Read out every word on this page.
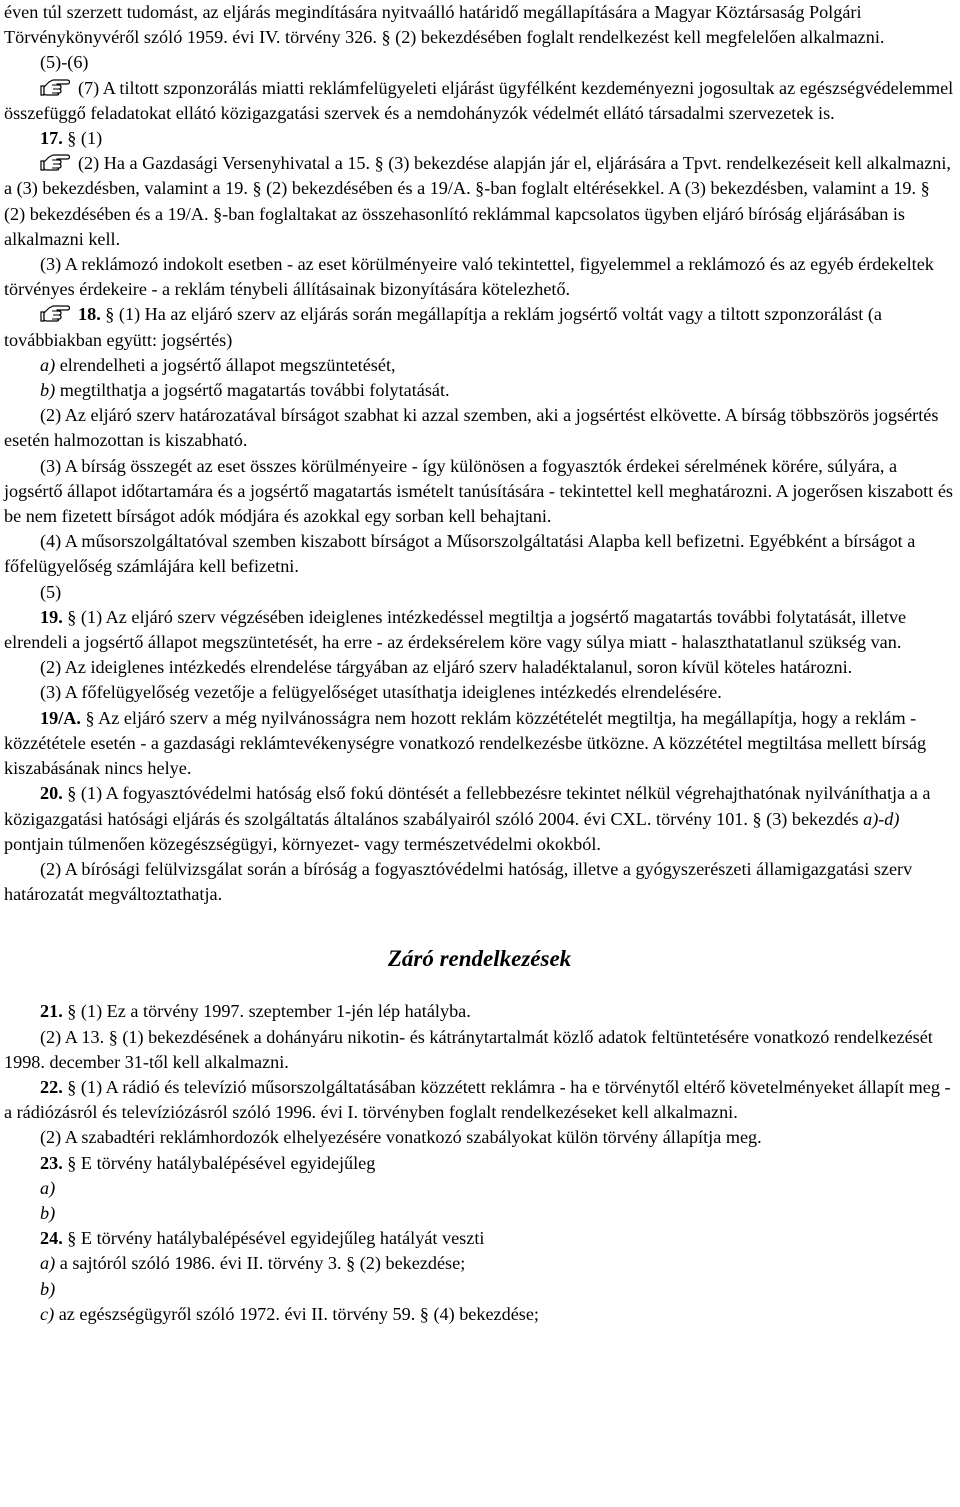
éven túl szerzett tudomást, az eljárás megindítására nyitvaálló határidő megállapítására a Magyar Köztársaság Polgári Törvénykönyvéről szóló 1959. évi IV. törvény 326. § (2) bekezdésében foglalt rendelkezést kell megfelelően alkalmazni.

(5)-(6)

(7) A tiltott szponzorálás miatti reklámfelügyeleti eljárást ügyfélként kezdeményezni jogosultak az egészségvédelemmel összefüggő feladatokat ellátó közigazgatási szervek és a nemdohányzók védelmét ellátó társadalmi szervezetek is.

17. § (1)

(2) Ha a Gazdasági Versenyhivatal a 15. § (3) bekezdése alapján jár el, eljárására a Tpvt. rendelkezéseit kell alkalmazni, a (3) bekezdésben, valamint a 19. § (2) bekezdésében és a 19/A. §-ban foglalt eltérésekkel. A (3) bekezdésben, valamint a 19. § (2) bekezdésében és a 19/A. §-ban foglaltakat az összehasonlító reklámmal kapcsolatos ügyben eljáró bíróság eljárásában is alkalmazni kell.

(3) A reklámozó indokolt esetben - az eset körülményeire való tekintettel, figyelemmel a reklámozó és az egyéb érdekeltek törvényes érdekeire - a reklám ténybeli állításainak bizonyítására kötelezhető.

18. § (1) Ha az eljáró szerv az eljárás során megállapítja a reklám jogsértő voltát vagy a tiltott szponzorálást (a továbbiakban együtt: jogsértés)

a) elrendelheti a jogsértő állapot megszüntetését,

b) megtilthatja a jogsértő magatartás további folytatását.

(2) Az eljáró szerv határozatával bírságot szabhat ki azzal szemben, aki a jogsértést elkövette. A bírság többszörös jogsértés esetén halmozottan is kiszabható.

(3) A bírság összegét az eset összes körülményeire - így különösen a fogyasztók érdekei sérelmének körére, súlyára, a jogsértő állapot időtartamára és a jogsértő magatartás ismételt tanúsítására - tekintettel kell meghatározni. A jogerősen kiszabott és be nem fizetett bírságot adók módjára és azokkal egy sorban kell behajtani.

(4) A műsorszolgáltatóval szemben kiszabott bírságot a Műsorszolgáltatási Alapba kell befizetni. Egyébként a bírságot a főfelügyelőség számlájára kell befizetni.

(5)

19. § (1) Az eljáró szerv végzésében ideiglenes intézkedéssel megtiltja a jogsértő magatartás további folytatását, illetve elrendeli a jogsértő állapot megszüntetését, ha erre - az érdeksérelem köre vagy súlya miatt - halaszthatatlanul szükség van.

(2) Az ideiglenes intézkedés elrendelése tárgyában az eljáró szerv haladéktalanul, soron kívül köteles határozni.

(3) A főfelügyelőség vezetője a felügyelőséget utasíthatja ideiglenes intézkedés elrendelésére.

19/A. § Az eljáró szerv a még nyilvánosságra nem hozott reklám közzétételét megtiltja, ha megállapítja, hogy a reklám - közzététele esetén - a gazdasági reklámtevékenységre vonatkozó rendelkezésbe ütközne. A közzététel megtiltása mellett bírság kiszabásának nincs helye.

20. § (1) A fogyasztóvédelmi hatóság első fokú döntését a fellebbezésre tekintet nélkül végrehajthatónak nyilváníthatja a a közigazgatási hatósági eljárás és szolgáltatás általános szabályairól szóló 2004. évi CXL. törvény 101. § (3) bekezdés a)-d) pontjain túlmenően közegészségügyi, környezet- vagy természetvédelmi okokból.

(2) A bírósági felülvizsgálat során a bíróság a fogyasztóvédelmi hatóság, illetve a gyógyszerészeti államigazgatási szerv határozatát megváltoztathatja.

Záró rendelkezések

21. § (1) Ez a törvény 1997. szeptember 1-jén lép hatályba.

(2) A 13. § (1) bekezdésének a dohányáru nikotin- és kátránytartalmát közlő adatok feltüntetésére vonatkozó rendelkezését 1998. december 31-től kell alkalmazni.

22. § (1) A rádió és televízió műsorszolgáltatásában közzétett reklámra - ha e törvénytől eltérő követelményeket állapít meg - a rádiózásról és televíziózásról szóló 1996. évi I. törvényben foglalt rendelkezéseket kell alkalmazni.

(2) A szabadtéri reklámhordozók elhelyezésére vonatkozó szabályokat külön törvény állapítja meg.

23. § E törvény hatálybalépésével egyidejűleg

a)

b)

24. § E törvény hatálybalépésével egyidejűleg hatályát veszti

a) a sajtóról szóló 1986. évi II. törvény 3. § (2) bekezdése;

b)

c) az egészségügyről szóló 1972. évi II. törvény 59. § (4) bekezdése;
